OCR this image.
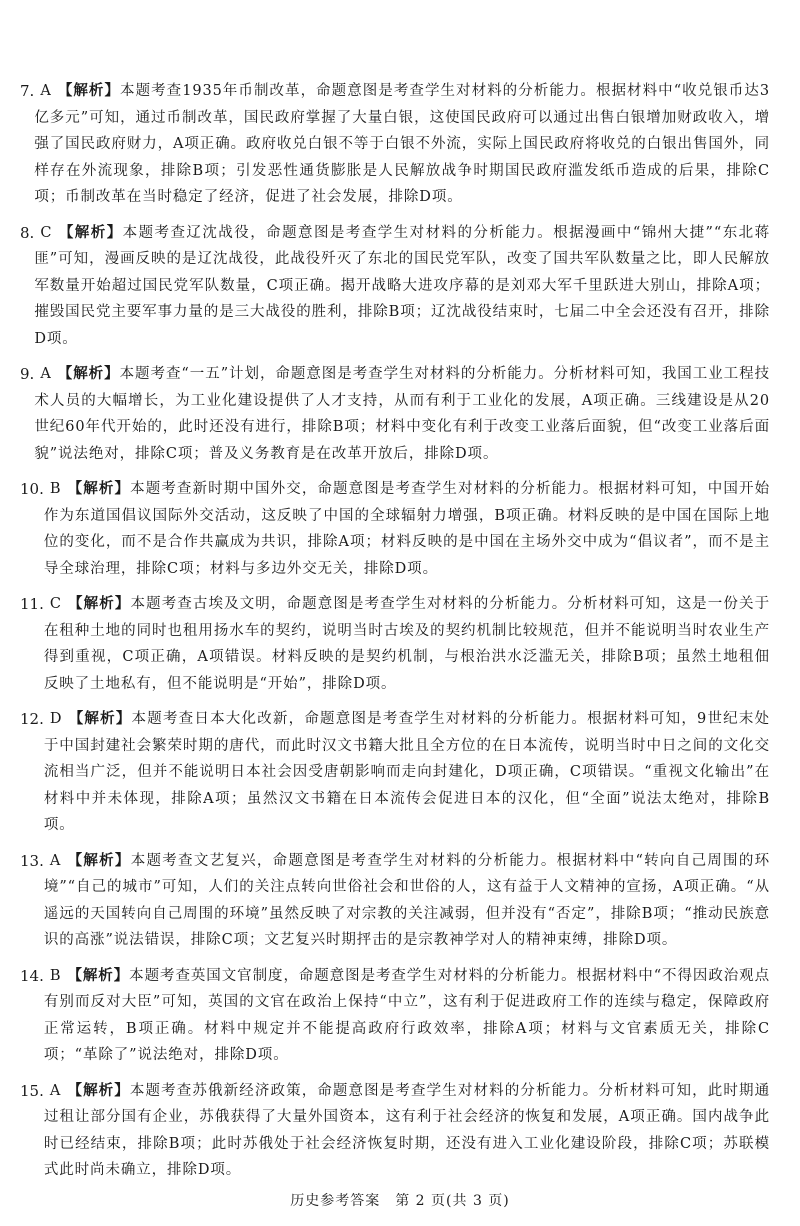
7. A 【解析】本题考查1935年币制改革，命题意图是考查学生对材料的分析能力。根据材料中“收兑银币达3亿多元”可知，通过币制改革，国民政府掌握了大量白银，这使国民政府可以通过出售白银增加财政收入，增强了国民政府财力，A项正确。政府收兑白银不等于白银不外流，实际上国民政府将收兑的白银出售国外，同样存在外流现象，排除B项；引发恶性通货膨胀是人民解放战争时期国民政府滥发纸币造成的后果，排除C项；币制改革在当时稳定了经济，促进了社会发展，排除D项。
8. C 【解析】本题考查辽沈战役，命题意图是考查学生对材料的分析能力。根据漫画中“锦州大捷”“东北蒋匪”可知，漫画反映的是辽沈战役，此战役歼灭了东北的国民党军队，改变了国共军队数量之比，即人民解放军数量开始超过国民党军队数量，C项正确。揭开战略大进攻序幕的是刘邓大军千里跃进大别山，排除A项；摧毁国民党主要军事力量的是三大战役的胜利，排除B项；辽沈战役结束时，七届二中全会还没有召开，排除D项。
9. A 【解析】本题考查“一五”计划，命题意图是考查学生对材料的分析能力。分析材料可知，我国工业工程技术人员的大幅增长，为工业化建设提供了人才支持，从而有利于工业化的发展，A项正确。三线建设是从20世纪60年代开始的，此时还没有进行，排除B项；材料中变化有利于改变工业落后面貌，但“改变工业落后面貌”说法绝对，排除C项；普及义务教育是在改革开放后，排除D项。
10. B 【解析】本题考查新时期中国外交，命题意图是考查学生对材料的分析能力。根据材料可知，中国开始作为东道国倡议国际外交活动，这反映了中国的全球辐射力增强，B项正确。材料反映的是中国在国际上地位的变化，而不是合作共赢成为共识，排除A项；材料反映的是中国在主场外交中成为“倡议者”，而不是主导全球治理，排除C项；材料与多边外交无关，排除D项。
11. C 【解析】本题考查古埃及文明，命题意图是考查学生对材料的分析能力。分析材料可知，这是一份关于在租种土地的同时也租用扬水车的契约，说明当时古埃及的契约机制比较规范，但并不能说明当时农业生产得到重视，C项正确，A项错误。材料反映的是契约机制，与根治洪水泛滥无关，排除B项；虽然土地租佃反映了土地私有，但不能说明是“开始”，排除D项。
12. D 【解析】本题考查日本大化改新，命题意图是考查学生对材料的分析能力。根据材料可知，9世纪末处于中国封建社会繁荣时期的唐代，而此时汉文书籍大批且全方位的在日本流传，说明当时中日之间的文化交流相当广泛，但并不能说明日本社会因受唐朝影响而走向封建化，D项正确，C项错误。“重视文化输出”在材料中并未体现，排除A项；虽然汉文书籍在日本流传会促进日本的汉化，但“全面”说法太绝对，排除B项。
13. A 【解析】本题考查文艺复兴，命题意图是考查学生对材料的分析能力。根据材料中“转向自己周围的环境”“自己的城市”可知，人们的关注点转向世俗社会和世俗的人，这有益于人文精神的宣扬，A项正确。“从遥远的天国转向自己周围的环境”虽然反映了对宗教的关注减弱，但并没有“否定”，排除B项；“推动民族意识的高涨”说法错误，排除C项；文艺复兴时期抨击的是宗教神学对人的精神束缚，排除D项。
14. B 【解析】本题考查英国文官制度，命题意图是考查学生对材料的分析能力。根据材料中“不得因政治观点有别而反对大臣”可知，英国的文官在政治上保持“中立”，这有利于促进政府工作的连续与稳定，保障政府正常运转，B项正确。材料中规定并不能提高政府行政效率，排除A项；材料与文官素质无关，排除C项；“革除了”说法绝对，排除D项。
15. A 【解析】本题考查苏俄新经济政策，命题意图是考查学生对材料的分析能力。分析材料可知，此时期通过租让部分国有企业，苏俄获得了大量外国资本，这有利于社会经济的恢复和发展，A项正确。国内战争此时已经结束，排除B项；此时苏俄处于社会经济恢复时期，还没有进入工业化建设阶段，排除C项；苏联模式此时尚未确立，排除D项。
历史参考答案　第 2 页(共 3 页)
